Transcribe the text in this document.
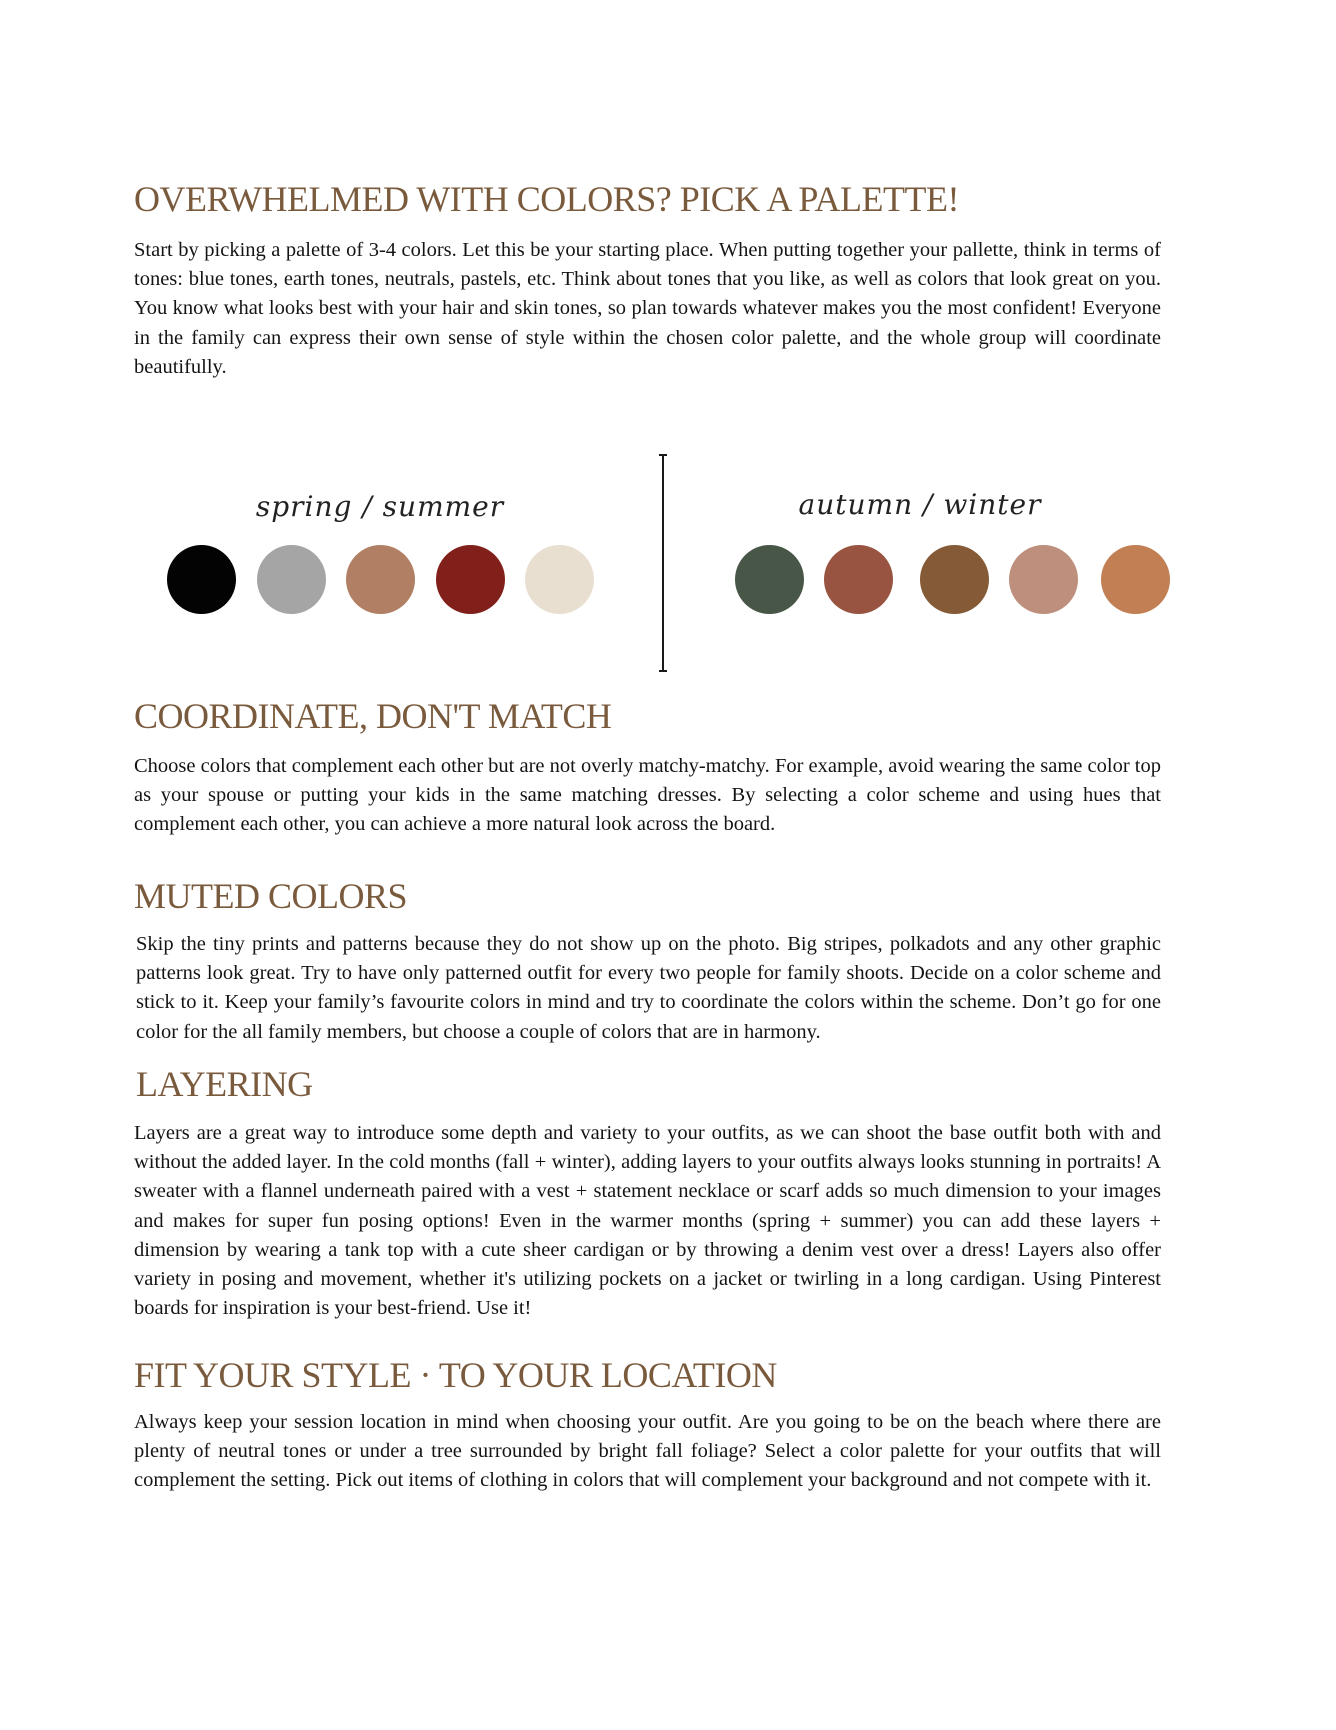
OVERWHELMED WITH COLORS? PICK A PALETTE!

Start by picking a palette of 3-4 colors. Let this be your starting place. When putting together your pallette, think in terms of tones: blue tones, earth tones, neutrals, pastels, etc. Think about tones that you like, as well as colors that look great on you. You know what looks best with your hair and skin tones, so plan towards whatever makes you the most confident! Everyone in the family can express their own sense of style within the chosen color palette, and the whole group will coordinate beautifully.

spring / summer	autumn / winter
COORDINATE, DON'T MATCH

Choose colors that complement each other but are not overly matchy-matchy. For example, avoid wearing the same color top as your spouse or putting your kids in the same matching dresses. By selecting a color scheme and using hues that complement each other, you can achieve a more natural look across the board.

MUTED COLORS

Skip the tiny prints and patterns because they do not show up on the photo. Big stripes, polkadots and any other graphic patterns look great. Try to have only patterned outfit for every two people for family shoots. Decide on a color scheme and stick to it. Keep your family’s favourite colors in mind and try to coordinate the colors within the scheme. Don’t go for one color for the all family members, but choose a couple of colors that are in harmony.

LAYERING

Layers are a great way to introduce some depth and variety to your outfits, as we can shoot the base outfit both with and without the added layer. In the cold months (fall + winter), adding layers to your outfits always looks stunning in portraits! A sweater with a flannel underneath paired with a vest + statement necklace or scarf adds so much dimension to your images and makes for super fun posing options! Even in the warmer months (spring + summer) you can add these layers + dimension by wearing a tank top with a cute sheer cardigan or by throwing a denim vest over a dress! Layers also offer variety in posing and movement, whether it's utilizing pockets on a jacket or twirling in a long cardigan. Using Pinterest boards for inspiration is your best-friend. Use it!

FIT YOUR STYLE · TO YOUR LOCATION

Always keep your session location in mind when choosing your outfit. Are you going to be on the beach where there are plenty of neutral tones or under a tree surrounded by bright fall foliage? Select a color palette for your outfits that will complement the setting. Pick out items of clothing in colors that will complement your background and not compete with it.
